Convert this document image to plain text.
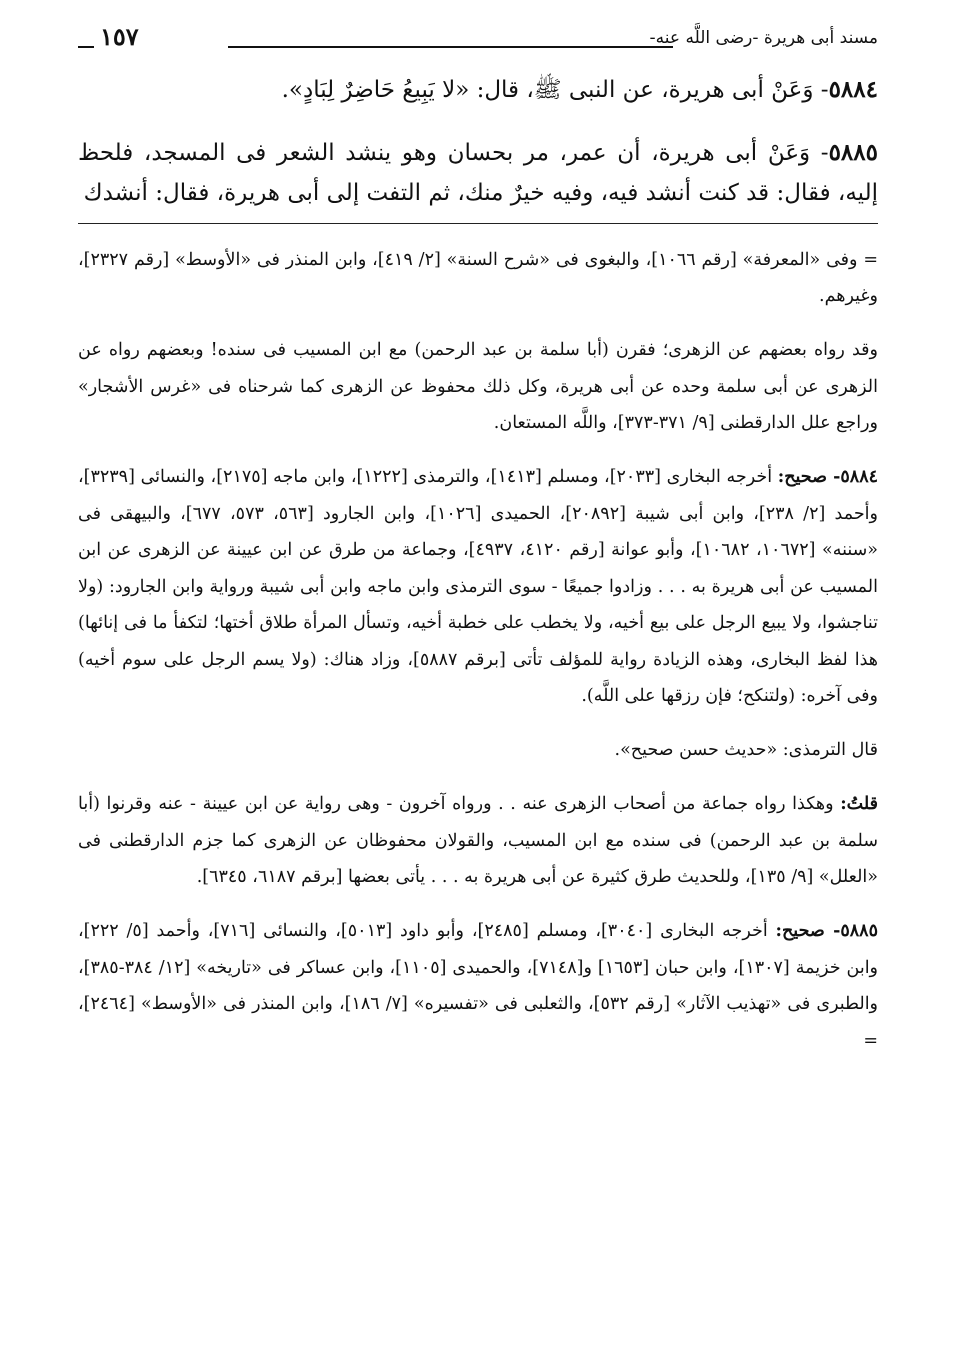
مسند أبى هريرة -رضى اللَّه عنه-
١٥٧

٥٨٨٤- وَعَنْ أبى هريرة، عن النبى ﷺ، قال: «لا يَبِيعُ حَاضِرٌ لِبَادٍ».

٥٨٨٥- وَعَنْ أبى هريرة، أن عمر، مر بحسان وهو ينشد الشعر فى المسجد، فلحظ إليه، فقال: قد كنت أنشد فيه، وفيه خيرٌ منك، ثم التفت إلى أبى هريرة، فقال: أنشدك

= وفى «المعرفة» [رقم ١٠٦٦]، والبغوى فى «شرح السنة» [٢/ ٤١٩]، وابن المنذر فى «الأوسط» [رقم ٢٣٢٧]، وغيرهم.

وقد رواه بعضهم عن الزهرى؛ فقرن (أبا سلمة بن عبد الرحمن) مع ابن المسيب فى سنده! وبعضهم رواه عن الزهرى عن أبى سلمة وحده عن أبى هريرة، وكل ذلك محفوظ عن الزهرى كما شرحناه فى «غرس الأشجار» وراجع علل الدارقطنى [٩/ ٣٧١-٣٧٣]، واللَّه المستعان.

٥٨٨٤- صحيح: أخرجه البخارى [٢٠٣٣]، ومسلم [١٤١٣]، والترمذى [١٢٢٢]، وابن ماجه [٢١٧٥]، والنسائى [٣٢٣٩]، وأحمد [٢/ ٢٣٨]، وابن أبى شيبة [٢٠٨٩٢]، الحميدى [١٠٢٦]، وابن الجارود [٥٦٣، ٥٧٣، ٦٧٧]، والبيهقى فى «سننه» [١٠٦٧٢، ١٠٦٨٢]، وأبو عوانة [رقم ٤١٢٠، ٤٩٣٧]، وجماعة من طرق عن ابن عيينة عن الزهرى عن ابن المسيب عن أبى هريرة به . . . وزادوا جميعًا - سوى الترمذى وابن ماجه وابن أبى شيبة ورواية وابن الجارود: (ولا تناجشوا، ولا يبيع الرجل على بيع أخيه، ولا يخطب على خطبة أخيه، وتسأل المرأة طلاق أختها؛ لتكفأ ما فى إنائها) هذا لفظ البخارى، وهذه الزيادة رواية للمؤلف تأتى [برقم ٥٨٨٧]، وزاد هناك: (ولا يسم الرجل على سوم أخيه) وفى آخره: (ولتنكح؛ فإن رزقها على اللَّه).

قال الترمذى: «حديث حسن صحيح».

قلتُ: وهكذا رواه جماعة من أصحاب الزهرى عنه . . ورواه آخرون - وهى رواية عن ابن عيينة - عنه وقرنوا (أبا سلمة بن عبد الرحمن) فى سنده مع ابن المسيب، والقولان محفوظان عن الزهرى كما جزم الدارقطنى فى «العلل» [٩/ ١٣٥]، وللحديث طرق كثيرة عن أبى هريرة به . . . يأتى بعضها [برقم ٦١٨٧، ٦٣٤٥].

٥٨٨٥- صحيح: أخرجه البخارى [٣٠٤٠]، ومسلم [٢٤٨٥]، وأبو داود [٥٠١٣]، والنسائى [٧١٦]، وأحمد [٥/ ٢٢٢]، وابن خزيمة [١٣٠٧]، وابن حبان [١٦٥٣] و[٧١٤٨]، والحميدى [١١٠٥]، وابن عساكر فى «تاريخه» [١٢/ ٣٨٤-٣٨٥]، والطبرى فى «تهذيب الآثار» [رقم ٥٣٢]، والثعلبى فى «تفسيره» [٧/ ١٨٦]، وابن المنذر فى «الأوسط» [٢٤٦٤]، =
